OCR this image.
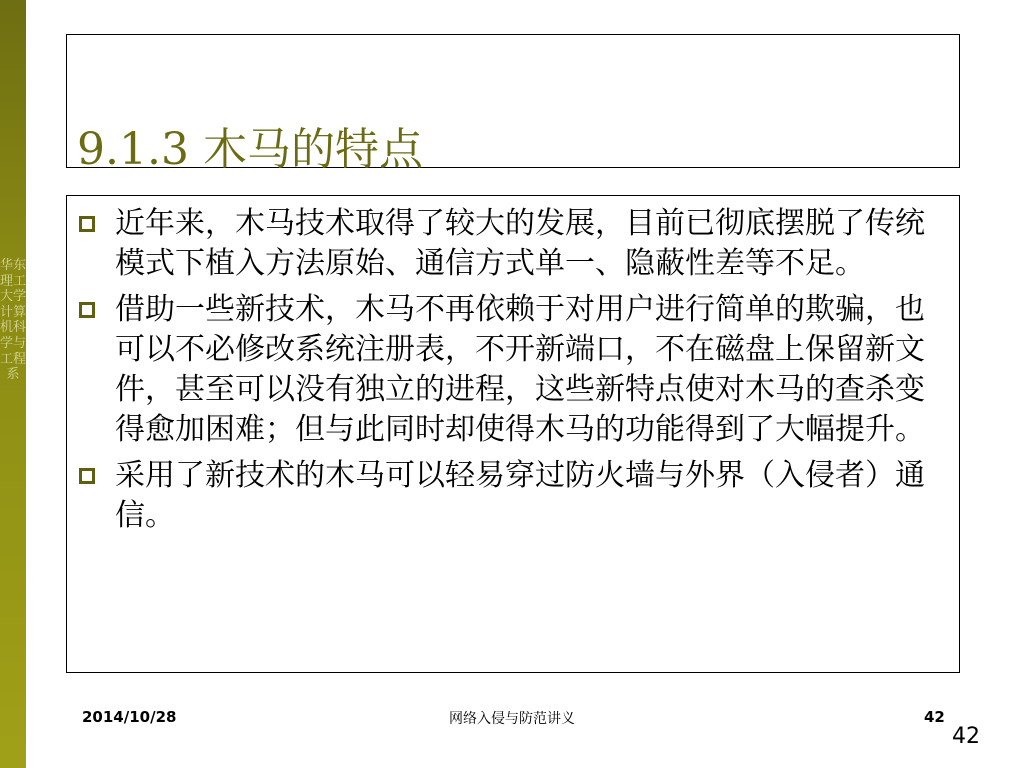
华东理工大学计算机科学与工程系
9.1.3 木马的特点
近年来，木马技术取得了较大的发展，目前已彻底摆脱了传统模式下植入方法原始、通信方式单一、隐蔽性差等不足。
借助一些新技术，木马不再依赖于对用户进行简单的欺骗，也可以不必修改系统注册表，不开新端口，不在磁盘上保留新文件，甚至可以没有独立的进程，这些新特点使对木马的查杀变得愈加困难；但与此同时却使得木马的功能得到了大幅提升。
采用了新技术的木马可以轻易穿过防火墙与外界（入侵者）通信。
2014/10/28	网络入侵与防范讲义	42
42
